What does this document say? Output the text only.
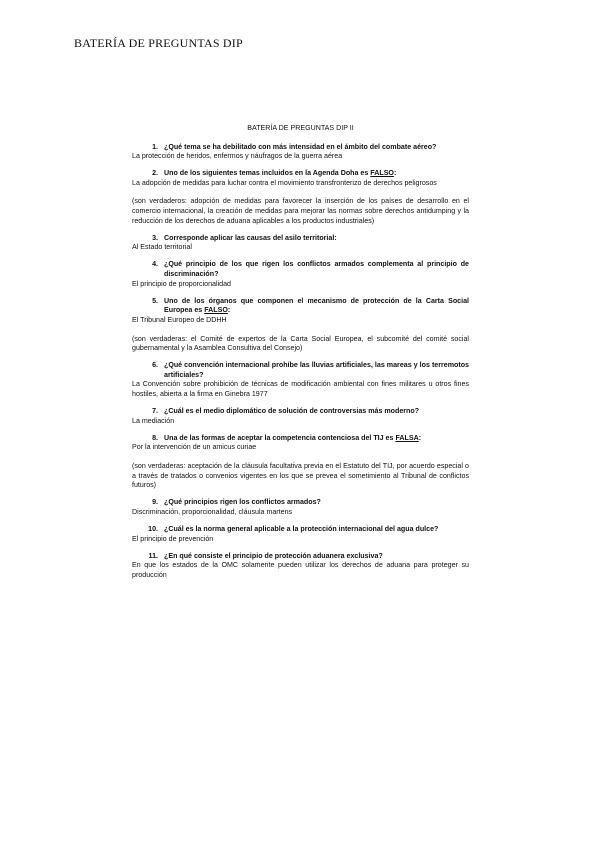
BATERÍA DE PREGUNTAS DIP
BATERÍA DE PREGUNTAS DIP II
1. ¿Qué tema se ha debilitado con más intensidad en el ámbito del combate aéreo?
La protección de heridos, enfermos y náufragos de la guerra aérea
2. Uno de los siguientes temas incluidos en la Agenda Doha es FALSO:
La adopción de medidas para luchar contra el movimiento transfronterizo de derechos peligrosos
(son verdaderos: adopción de medidas para favorecer la inserción de los países de desarrollo en el comercio internacional, la creación de medidas para mejorar las normas sobre derechos antidumping y la reducción de los derechos de aduana aplicables a los productos industriales)
3. Corresponde aplicar las causas del asilo territorial:
Al Estado territorial
4. ¿Qué principio de los que rigen los conflictos armados complementa al principio de discriminación?
El principio de proporcionalidad
5. Uno de los órganos que componen el mecanismo de protección de la Carta Social Europea es FALSO:
El Tribunal Europeo de DDHH
(son verdaderas: el Comité de expertos de la Carta Social Europea, el subcomité del comité social gubernamental y la Asamblea Consultiva del Consejo)
6. ¿Qué convención internacional prohíbe las lluvias artificiales, las mareas y los terremotos artificiales?
La Convención sobre prohibición de técnicas de modificación ambiental con fines militares u otros fines hostiles, abierta a la firma en Ginebra 1977
7. ¿Cuál es el medio diplomático de solución de controversias más moderno?
La mediación
8. Una de las formas de aceptar la competencia contenciosa del TIJ es FALSA:
Por la intervención de un amicus curiae
(son verdaderas: aceptación de la cláusula facultativa previa en el Estatuto del TIJ, por acuerdo especial o a través de tratados o convenios vigentes en los que se prevea el sometimiento al Tribunal de conflictos futuros)
9. ¿Qué principios rigen los conflictos armados?
Discriminación, proporcionalidad, cláusula martens
10. ¿Cuál es la norma general aplicable a la protección internacional del agua dulce?
El principio de prevención
11. ¿En qué consiste el principio de protección aduanera exclusiva?
En que los estados de la OMC solamente pueden utilizar los derechos de aduana para proteger su producción
